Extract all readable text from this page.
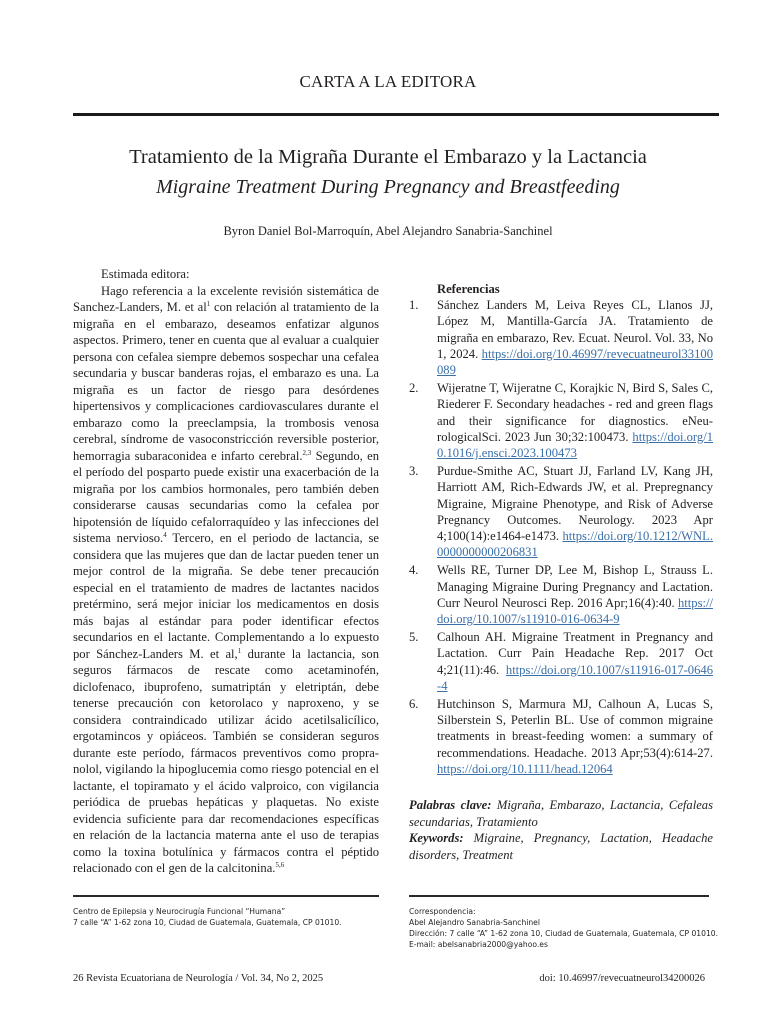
CARTA A LA EDITORA
Tratamiento de la Migraña Durante el Embarazo y la Lactancia
Migraine Treatment During Pregnancy and Breastfeeding
Byron Daniel Bol-Marroquín, Abel Alejandro Sanabria-Sanchinel
Estimada editora:

Hago referencia a la excelente revisión sistemática de Sanchez-Landers, M. et $al^1$ con relación al tratamiento de la migraña en el embarazo, deseamos enfatizar algunos aspectos. Primero, tener en cuenta que al evaluar a cualquier persona con cefalea siempre debemos sospechar una cefalea secundaria y buscar banderas rojas, el embarazo es una. La migraña es un factor de riesgo para desórdenes hipertensivos y complicaciones cardiovasculares durante el embarazo como la preeclampsia, la trombosis venosa cerebral, síndrome de vasoconstricción reversible posterior, hemorragia subaraconidea e infarto cerebral.$^{2,3}$ Segundo, en el período del posparto puede existir una exacerbación de la migraña por los cambios hormonales, pero también deben considerarse causas secundarias como la cefalea por hipotensión de líquido cefalorraquídeo y las infecciones del sistema nervioso.$^4$ Tercero, en el periodo de lactancia, se considera que las mujeres que dan de lactar pueden tener un mejor control de la migraña. Se debe tener precaución especial en el tratamiento de madres de lactantes nacidos pretérmino, será mejor iniciar los medicamentos en dosis más bajas al estándar para poder identificar efectos secundarios en el lactante. Complementando a lo expuesto por Sánchez-Landers M. et al,$^1$ durante la lactancia, son seguros fármacos de rescate como acetaminofén, diclofenaco, ibuprofeno, sumatriptán y eletriptán, debe tenerse precaución con ketorolaco y naproxeno, y se considera contraindicado utilizar ácido acetilsalicílico, ergotamincos y opiáceos. También se consideran seguros durante este período, fármacos preventivos como propranolol, vigilando la hipoglucemia como riesgo potencial en el lactante, el topiramato y el ácido valproico, con vigilancia periódica de pruebas hepáticas y plaquetas. No existe evidencia suficiente para dar recomendaciones específicas en relación de la lactancia materna ante el uso de terapias como la toxina botulínica y fármacos contra el péptido relacionado con el gen de la calcitonina.$^{5,6}$

Referencias
1.	Sánchez Landers M, Leiva Reyes CL, Llanos JJ, López M, Mantilla-García JA. Tratamiento de migraña en embarazo, Rev. Ecuat. Neurol. Vol. 33, No 1, 2024. https://doi.org/10.46997/revecuatneurol33100089
2.	Wijeratne T, Wijeratne C, Korajkic N, Bird S, Sales C, Riederer F. Secondary headaches - red and green flags and their significance for diagnostics. eNeurologicalSci. 2023 Jun 30;32:100473. https://doi.org/10.1016/j.ensci.2023.100473
3.	Purdue-Smithe AC, Stuart JJ, Farland LV, Kang JH, Harriott AM, Rich-Edwards JW, et al. Prepregnancy Migraine, Migraine Phenotype, and Risk of Adverse Pregnancy Outcomes. Neurology. 2023 Apr 4;100(14):e1464-e1473. https://doi.org/10.1212/WNL.0000000000206831
4.	Wells RE, Turner DP, Lee M, Bishop L, Strauss L. Managing Migraine During Pregnancy and Lactation. Curr Neurol Neurosci Rep. 2016 Apr;16(4):40. https://doi.org/10.1007/s11910-016-0634-9
5.	Calhoun AH. Migraine Treatment in Pregnancy and Lactation. Curr Pain Headache Rep. 2017 Oct 4;21(11):46. https://doi.org/10.1007/s11916-017-0646-4
6.	Hutchinson S, Marmura MJ, Calhoun A, Lucas S, Silberstein S, Peterlin BL. Use of common migraine treatments in breast-feeding women: a summary of recommendations. Headache. 2013 Apr;53(4):614-27. https://doi.org/10.1111/head.12064
Palabras clave: Migraña, Embarazo, Lactancia, Cefaleas secundarias, Tratamiento
Keywords: Migraine, Pregnancy, Lactation, Headache disorders, Treatment
Centro de Epilepsia y Neurocirugía Funcional “Humana”
7 calle “A” 1-62 zona 10, Ciudad de Guatemala, Guatemala, CP 01010.
Correspondencia:
Abel Alejandro Sanabria-Sanchinel
Dirección: 7 calle “A” 1-62 zona 10, Ciudad de Guatemala, Guatemala, CP 01010.
E-mail: abelsanabria2000@yahoo.es
26 Revista Ecuatoriana de Neurología / Vol. 34, No 2, 2025	doi: 10.46997/revecuatneurol34200026
